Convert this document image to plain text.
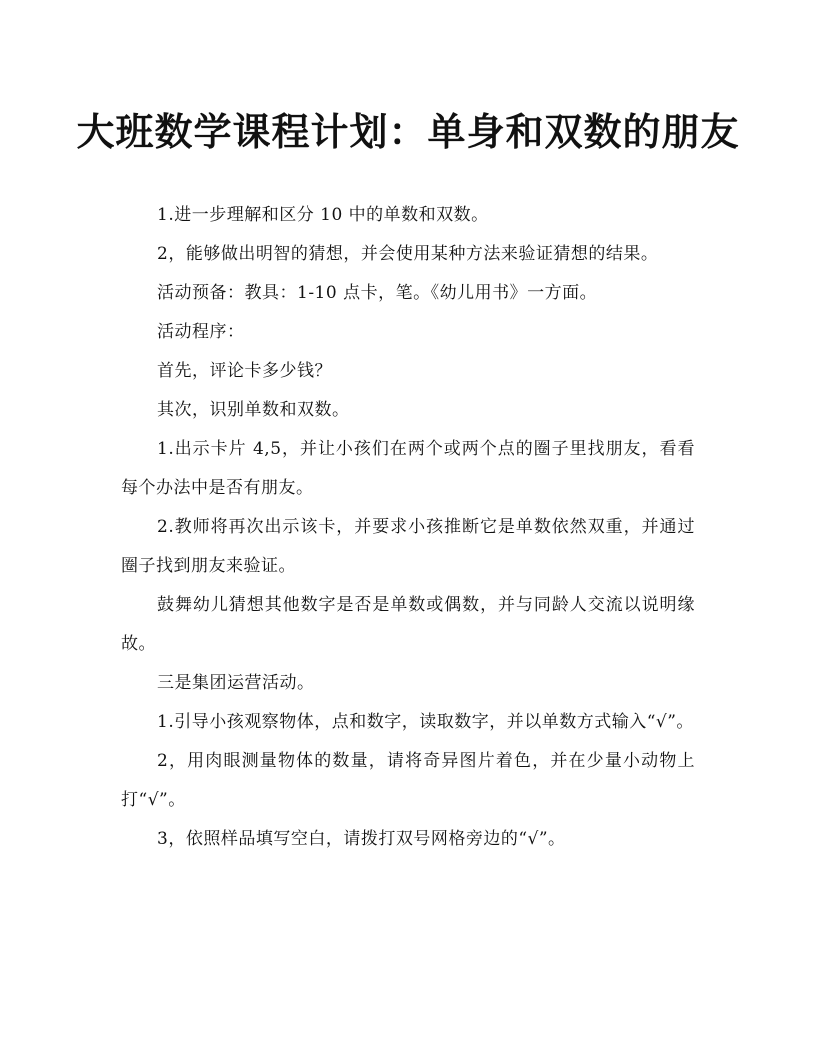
大班数学课程计划：单身和双数的朋友

1.进一步理解和区分 10 中的单数和双数。

2，能够做出明智的猜想，并会使用某种方法来验证猜想的结果。

活动预备：教具：1-10 点卡，笔。《幼儿用书》一方面。

活动程序：

首先，评论卡多少钱？

其次，识别单数和双数。

1.出示卡片 4,5，并让小孩们在两个或两个点的圈子里找朋友，看看每个办法中是否有朋友。

2.教师将再次出示该卡，并要求小孩推断它是单数依然双重，并通过圈子找到朋友来验证。

鼓舞幼儿猜想其他数字是否是单数或偶数，并与同龄人交流以说明缘故。

三是集团运营活动。

1.引导小孩观察物体，点和数字，读取数字，并以单数方式输入“√”。

2，用肉眼测量物体的数量，请将奇异图片着色，并在少量小动物上打“√”。

3，依照样品填写空白，请拨打双号网格旁边的“√”。
